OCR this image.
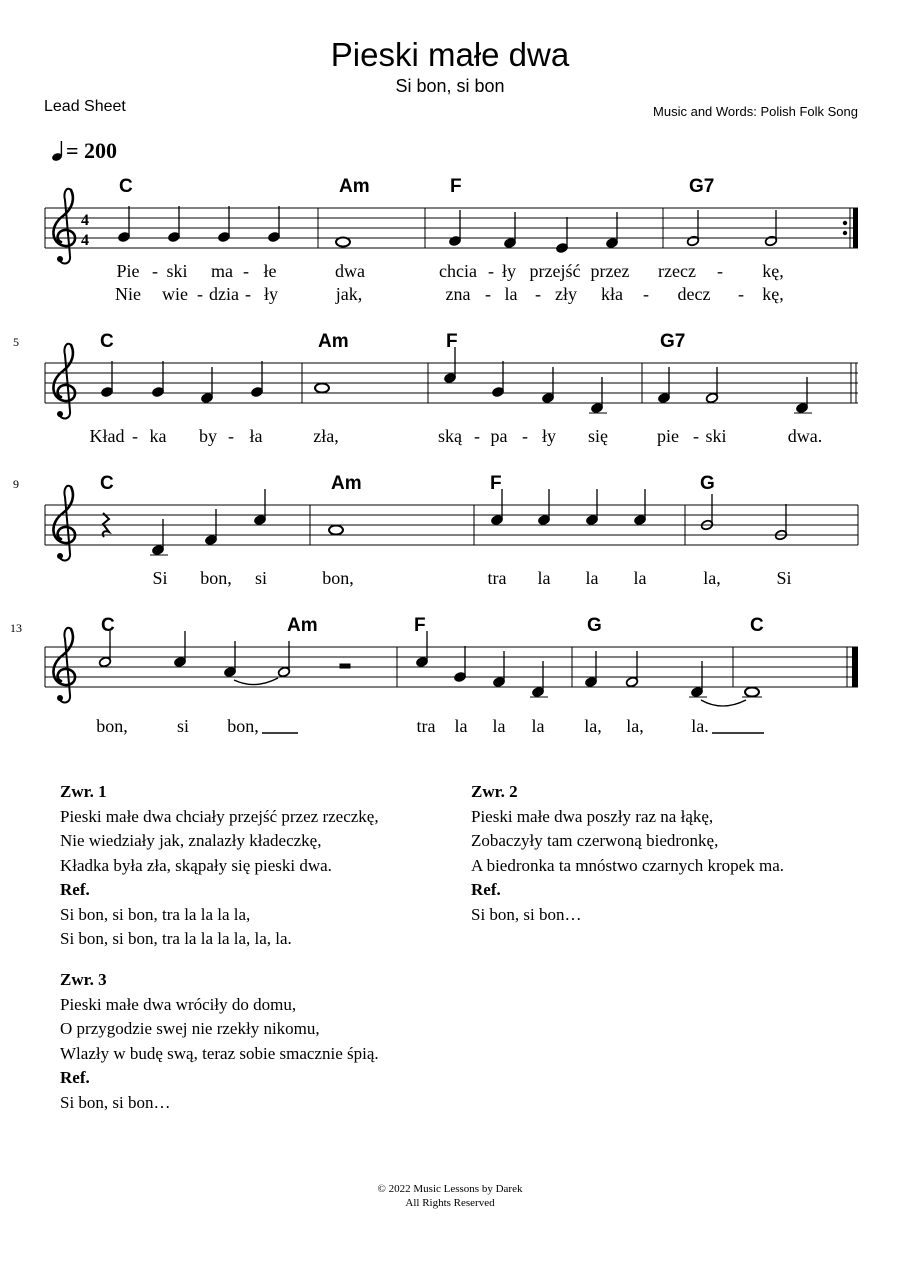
Pieski małe dwa
Si bon, si bon
Lead Sheet	Music and Words: Polish Folk Song
= 200
4
4
C	Am	F	G7
Pie - ski ma - łe	dwa	chcia - ły przejść przez rzecz - kę,
Nie wie - dzia - ły	jak,	zna - la - zły kła - decz - kę,
5	C	Am	F	G7
Kład - ka by - ła	zła,	ską - pa - ły się	pie - ski	dwa.
9	C	Am	F	G
Si bon, si	bon,	tra la la la	la,	Si
13	C	Am	F	G	C
bon,	si bon,	tra la la la la, la,	la.
Zwr. 1
Pieski małe dwa chciały przejść przez rzeczkę,
Nie wiedziały jak, znalazły kładeczkę,
Kładka była zła, skąpały się pieski dwa.
Ref.
Si bon, si bon, tra la la la la,
Si bon, si bon, tra la la la la, la, la.
Zwr. 2
Pieski małe dwa poszły raz na łąkę,
Zobaczyły tam czerwoną biedronkę,
A biedronka ta mnóstwo czarnych kropek ma.
Ref.
Si bon, si bon…
Zwr. 3
Pieski małe dwa wróciły do domu,
O przygodzie swej nie rzekły nikomu,
Wlazły w budę swą, teraz sobie smacznie śpią.
Ref.
Si bon, si bon…
© 2022 Music Lessons by Darek
All Rights Reserved
